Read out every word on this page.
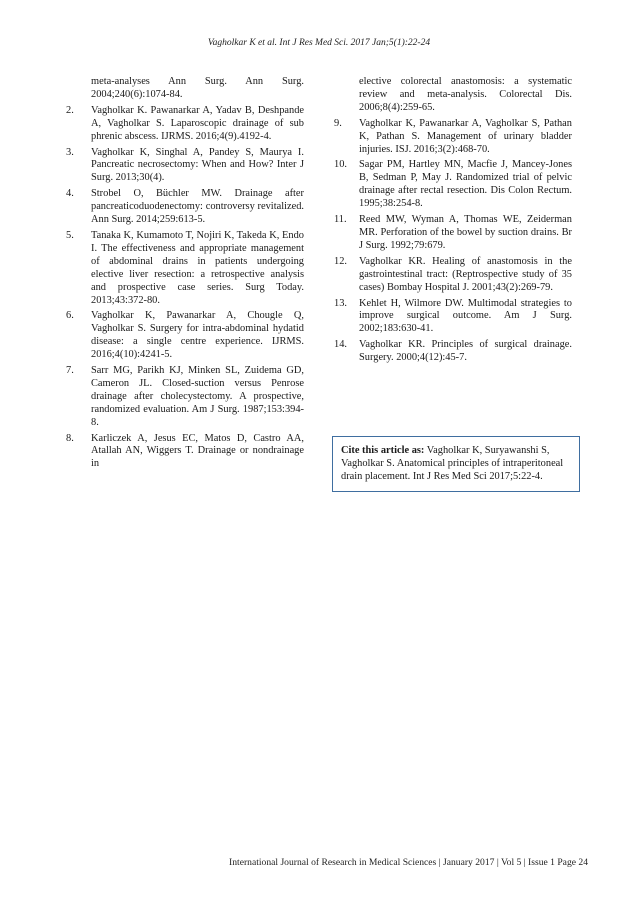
Vagholkar K et al. Int J Res Med Sci. 2017 Jan;5(1):22-24
meta-analyses Ann Surg. Ann Surg. 2004;240(6):1074-84.
2. Vagholkar K. Pawanarkar A, Yadav B, Deshpande A, Vagholkar S. Laparoscopic drainage of sub phrenic abscess. IJRMS. 2016;4(9).4192-4.
3. Vagholkar K, Singhal A, Pandey S, Maurya I. Pancreatic necrosectomy: When and How? Inter J Surg. 2013;30(4).
4. Strobel O, Büchler MW. Drainage after pancreaticoduodenectomy: controversy revitalized. Ann Surg. 2014;259:613-5.
5. Tanaka K, Kumamoto T, Nojiri K, Takeda K, Endo I. The effectiveness and appropriate management of abdominal drains in patients undergoing elective liver resection: a retrospective analysis and prospective case series. Surg Today. 2013;43:372-80.
6. Vagholkar K, Pawanarkar A, Chougle Q, Vagholkar S. Surgery for intra-abdominal hydatid disease: a single centre experience. IJRMS. 2016;4(10):4241-5.
7. Sarr MG, Parikh KJ, Minken SL, Zuidema GD, Cameron JL. Closed-suction versus Penrose drainage after cholecystectomy. A prospective, randomized evaluation. Am J Surg. 1987;153:394-8.
8. Karliczek A, Jesus EC, Matos D, Castro AA, Atallah AN, Wiggers T. Drainage or nondrainage in
elective colorectal anastomosis: a systematic review and meta-analysis. Colorectal Dis. 2006;8(4):259-65.
9. Vagholkar K, Pawanarkar A, Vagholkar S, Pathan K, Pathan S. Management of urinary bladder injuries. ISJ. 2016;3(2):468-70.
10. Sagar PM, Hartley MN, Macfie J, Mancey-Jones B, Sedman P, May J. Randomized trial of pelvic drainage after rectal resection. Dis Colon Rectum. 1995;38:254-8.
11. Reed MW, Wyman A, Thomas WE, Zeiderman MR. Perforation of the bowel by suction drains. Br J Surg. 1992;79:679.
12. Vagholkar KR. Healing of anastomosis in the gastrointestinal tract: (Reptrospective study of 35 cases) Bombay Hospital J. 2001;43(2):269-79.
13. Kehlet H, Wilmore DW. Multimodal strategies to improve surgical outcome. Am J Surg. 2002;183:630-41.
14. Vagholkar KR. Principles of surgical drainage. Surgery. 2000;4(12):45-7.
Cite this article as: Vagholkar K, Suryawanshi S, Vagholkar S. Anatomical principles of intraperitoneal drain placement. Int J Res Med Sci 2017;5:22-4.
International Journal of Research in Medical Sciences | January 2017 | Vol 5 | Issue 1 Page 24
